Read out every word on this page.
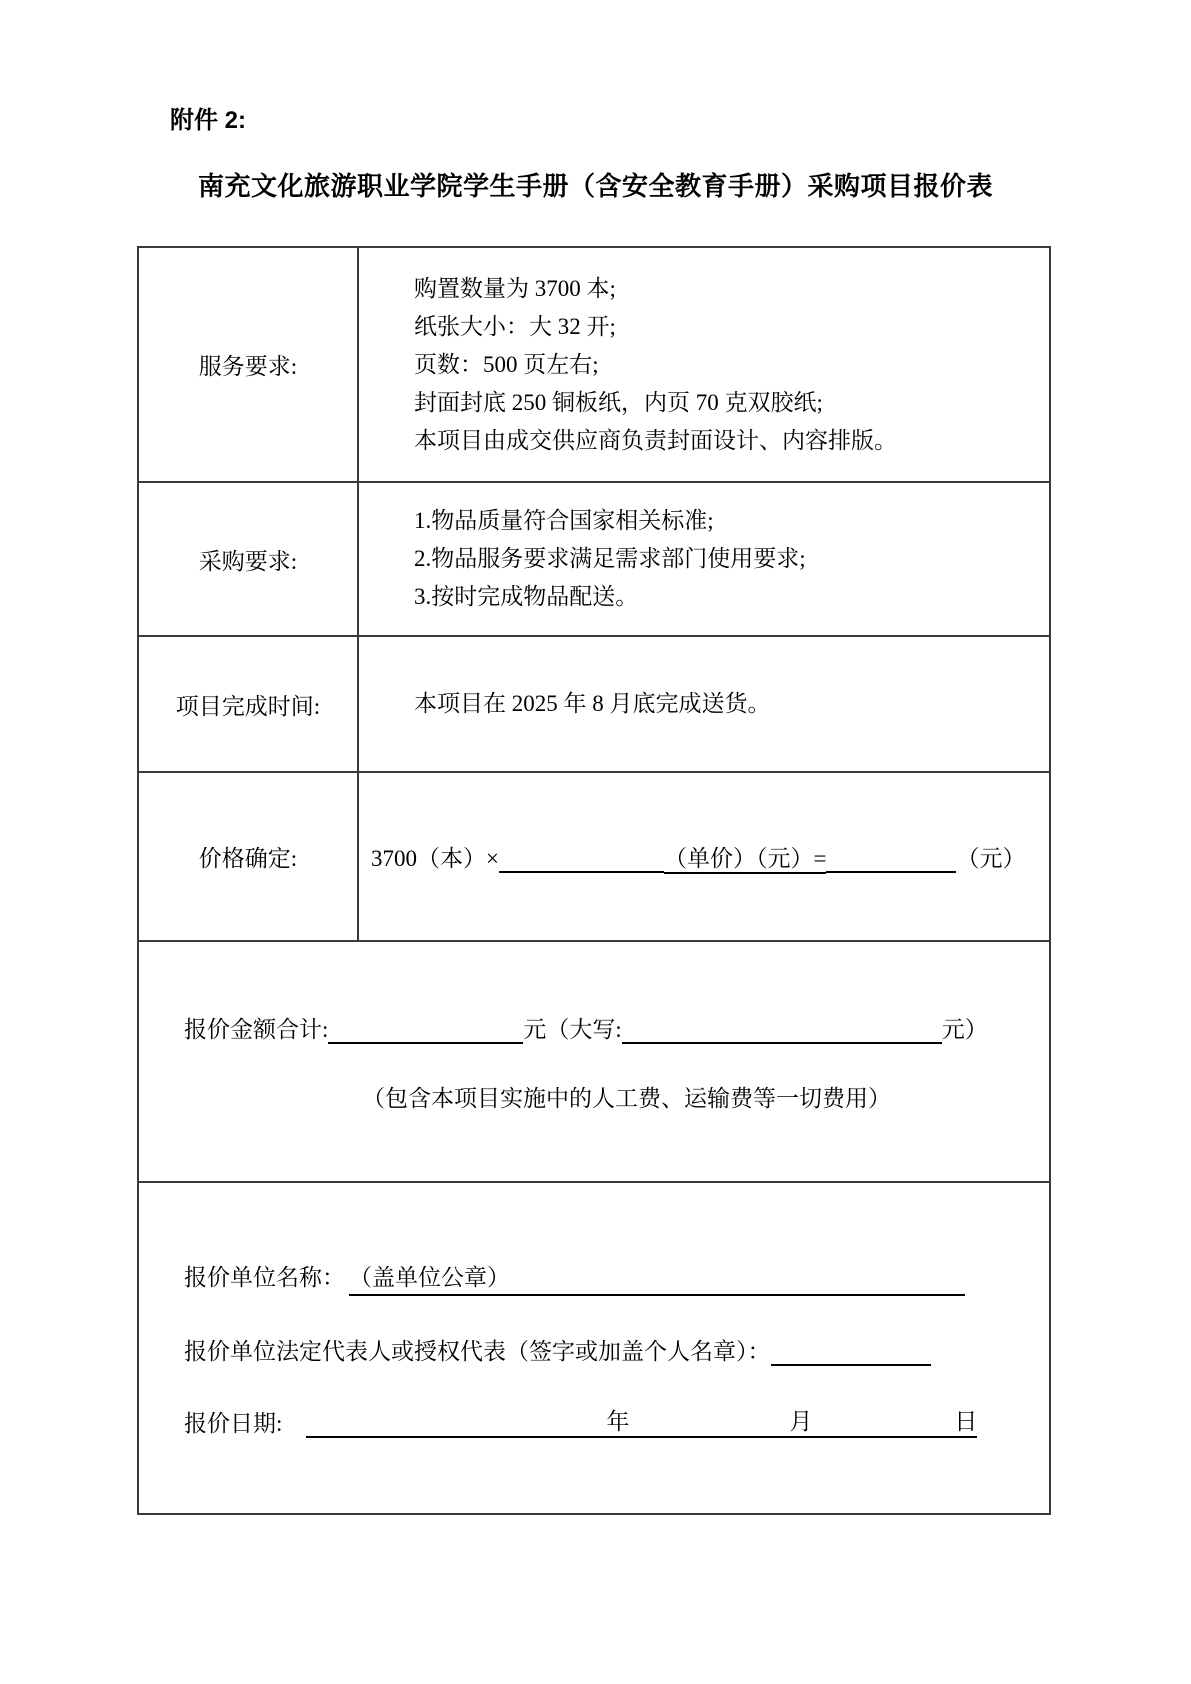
附件 2:
南充文化旅游职业学院学生手册（含安全教育手册）采购项目报价表
服务要求:
购置数量为 3700 本;
纸张大小：大 32 开;
页数：500 页左右;
封面封底 250 铜板纸，内页 70 克双胶纸;
本项目由成交供应商负责封面设计、内容排版。
采购要求:
1.物品质量符合国家相关标准;
2.物品服务要求满足需求部门使用要求;
3.按时完成物品配送。
项目完成时间:	本项目在 2025 年 8 月底完成送货。
价格确定:	3700（本）×	（单价）（元）=	（元）
报价金额合计:	元（大写:	元）
（包含本项目实施中的人工费、运输费等一切费用）
报价单位名称： （盖单位公章）
报价单位法定代表人或授权代表（签字或加盖个人名章）：
报价日期:	年	月	日
